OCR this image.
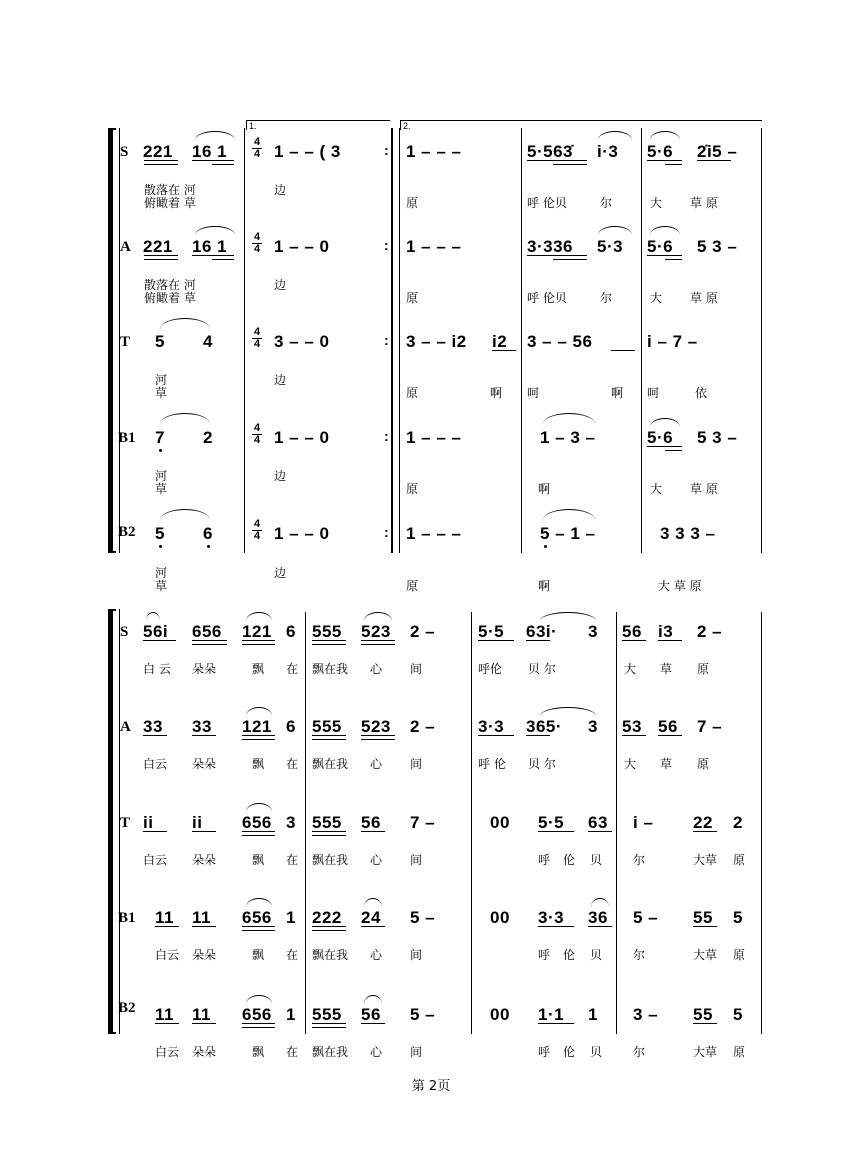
1.	2.
S 221 16 1 4
4 1 – – ( 3	: 1 – – –	5·563̇ i·3 5·6 2̇i5 –
散落在 河
俯瞰着 草
边
原	呼 伦贝	尔	大 草 原
A 221 16 1 4
4 1 – – 0	: 1 – – –	3·336 5·3 5·6 5 3 –
散落在 河
俯瞰着 草
边
原	呼 伦贝	尔	大 草 原
T 5 4	4
4 3 – – 0	: 3 – – i2	3 – – 56	i – 7 –
河
草
边
原	啊 呵	啊 呵	依
i2
B1 7 2	4
4 1 – – 0	: 1 – – –	1 – 3 –	5·6 5 3 –
河
草
边
原	啊	大 草 原
B2 5 6	4
4 1 – – 0	: 1 – – –	5 – 1 –	3 3 3 –
河
草
边
原	啊	大 草 原
S 56i 656 121 6 555 523 2 –	5·5 63i· 3 56 i3 2 –
白 云 朵朵	飘 在 飘在我 心 间	呼伦 贝 尔	大 草 原
A 33 33 121 6 555 523 2 –	3·3 365· 3 53 56 7 –
白云 朵朵	飘 在 飘在我 心 间	呼 伦 贝 尔	大 草 原
T ii ii 656 3 555 56 7 –	00 5·5 63 i – 22 2
白云 朵朵	飘 在 飘在我 心 间	呼 伦 贝	尔	大草 原
B1 11 11 656 1 222 24 5 –	00 3·3 36 5 – 55 5
白云 朵朵	飘 在 飘在我 心 间	呼 伦 贝	尔	大草 原
B2 11 11 656 1 555 56 5 –	00 1·1 1 3 – 55 5
白云 朵朵	飘 在 飘在我 心 间	呼 伦 贝	尔	大草 原
第 2页
